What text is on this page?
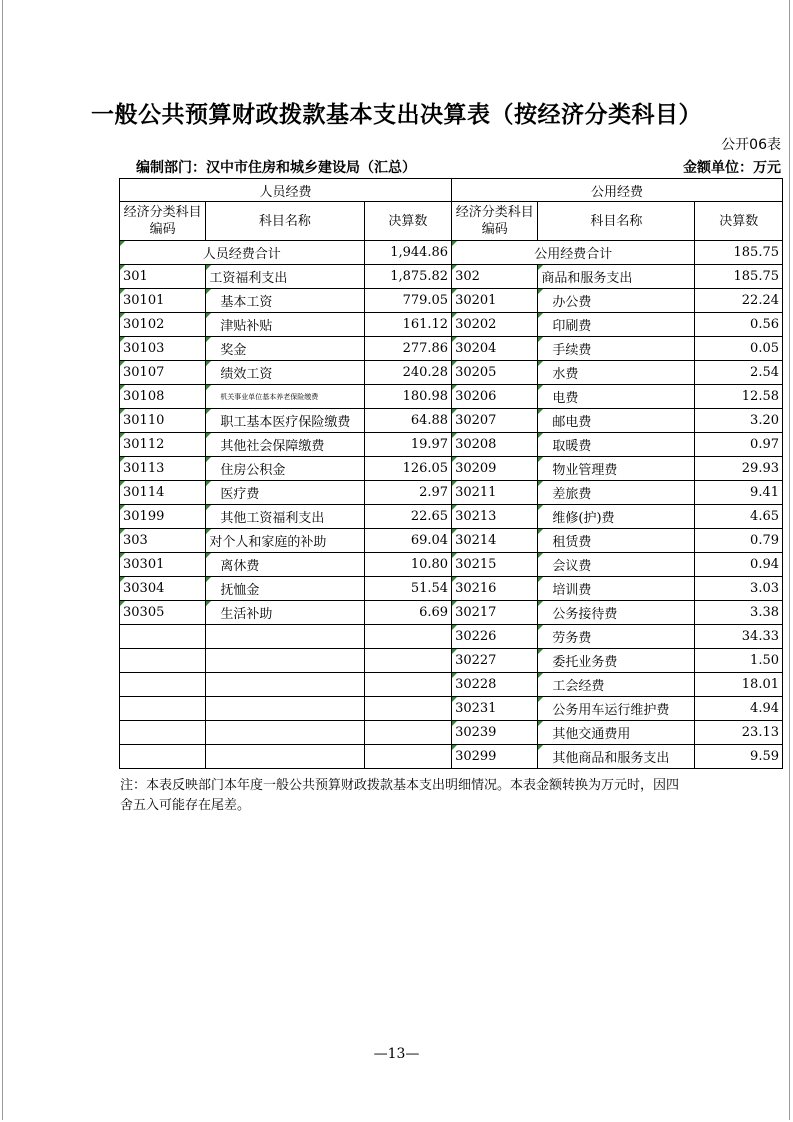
一般公共预算财政拨款基本支出决算表（按经济分类科目）
公开06表
编制部门：汉中市住房和城乡建设局（汇总）	金额单位：万元
人员经费			公用经费		
经济分类科目编码	科目名称	决算数	经济分类科目编码	科目名称	决算数
人员经费合计		1,944.86	公用经费合计		185.75
301	工资福利支出	1,875.82	302	商品和服务支出	185.75
30101	基本工资	779.05	30201	办公费	22.24
30102	津贴补贴	161.12	30202	印刷费	0.56
30103	奖金	277.86	30204	手续费	0.05
30107	绩效工资	240.28	30205	水费	2.54
30108	机关事业单位基本养老保险缴费	180.98	30206	电费	12.58
30110	职工基本医疗保险缴费	64.88	30207	邮电费	3.20
30112	其他社会保障缴费	19.97	30208	取暖费	0.97
30113	住房公积金	126.05	30209	物业管理费	29.93
30114	医疗费	2.97	30211	差旅费	9.41
30199	其他工资福利支出	22.65	30213	维修(护)费	4.65
303	对个人和家庭的补助	69.04	30214	租赁费	0.79
30301	离休费	10.80	30215	会议费	0.94
30304	抚恤金	51.54	30216	培训费	3.03
30305	生活补助	6.69	30217	公务接待费	3.38
			30226	劳务费	34.33
			30227	委托业务费	1.50
			30228	工会经费	18.01
			30231	公务用车运行维护费	4.94
			30239	其他交通费用	23.13
			30299	其他商品和服务支出	9.59
注：本表反映部门本年度一般公共预算财政拨款基本支出明细情况。本表金额转换为万元时，因四舍五入可能存在尾差。
—13—
